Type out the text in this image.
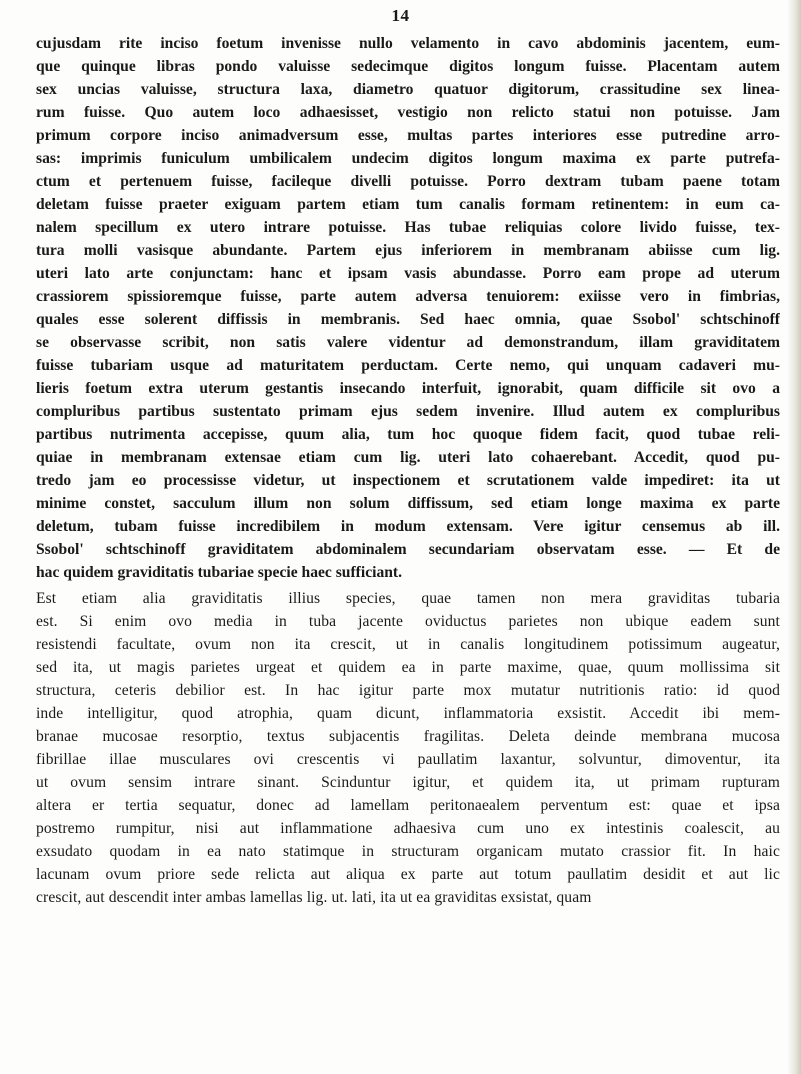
14
cujusdam rite inciso foetum invenisse nullo velamento in cavo abdominis jacentem, eum-
que quinque libras pondo valuisse sedecimque digitos longum fuisse. Placentam autem
sex uncias valuisse, structura laxa, diametro quatuor digitorum, crassitudine sex linea-
rum fuisse. Quo autem loco adhaesisset, vestigio non relicto statui non potuisse. Jam
primum corpore inciso animadversum esse, multas partes interiores esse putredine arro-
sas: imprimis funiculum umbilicalem undecim digitos longum maxima ex parte putrefa-
ctum et pertenuem fuisse, facileque divelli potuisse. Porro dextram tubam paene totam
deletam fuisse praeter exiguam partem etiam tum canalis formam retinentem: in eum ca-
nalem specillum ex utero intrare potuisse. Has tubae reliquias colore livido fuisse, tex-
tura molli vasisque abundante. Partem ejus inferiorem in membranam abiisse cum lig.
uteri lato arte conjunctam: hanc et ipsam vasis abundasse. Porro eam prope ad uterum
crassiorem spissioremque fuisse, parte autem adversa tenuiorem: exiisse vero in fimbrias,
quales esse solerent diffissis in membranis. Sed haec omnia, quae Ssobol' schtschinoff
se observasse scribit, non satis valere videntur ad demonstrandum, illam graviditatem
fuisse tubariam usque ad maturitatem perductam. Certe nemo, qui unquam cadaveri mu-
lieris foetum extra uterum gestantis insecando interfuit, ignorabit, quam difficile sit ovo a
compluribus partibus sustentato primam ejus sedem invenire. Illud autem ex compluribus
partibus nutrimenta accepisse, quum alia, tum hoc quoque fidem facit, quod tubae reli-
quiae in membranam extensae etiam cum lig. uteri lato cohaerebant. Accedit, quod pu-
tredo jam eo processisse videtur, ut inspectionem et scrutationem valde impediret: ita ut
minime constet, sacculum illum non solum diffissum, sed etiam longe maxima ex parte
deletum, tubam fuisse incredibilem in modum extensam. Vere igitur censemus ab ill.
Ssobol' schtschinoff graviditatem abdominalem secundariam observatam esse. — Et de
hac quidem graviditatis tubariae specie haec sufficiant.
Est etiam alia graviditatis illius species, quae tamen non mera graviditas tubaria
est. Si enim ovo media in tuba jacente oviductus parietes non ubique eadem sunt
resistendi facultate, ovum non ita crescit, ut in canalis longitudinem potissimum augeatur,
sed ita, ut magis parietes urgeat et quidem ea in parte maxime, quae, quum mollissima sit
structura, ceteris debilior est. In hac igitur parte mox mutatur nutritionis ratio: id quod
inde intelligitur, quod atrophia, quam dicunt, inflammatoria exsistit. Accedit ibi mem-
branae mucosae resorptio, textus subjacentis fragilitas. Deleta deinde membrana mucosa
fibrillae illae musculares ovi crescentis vi paullatim laxantur, solvuntur, dimoventur, ita
ut ovum sensim intrare sinant. Scinduntur igitur, et quidem ita, ut primam rupturam
altera er tertia sequatur, donec ad lamellam peritonaealem perventum est: quae et ipsa
postremo rumpitur, nisi aut inflammatione adhaesiva cum uno ex intestinis coalescit, au
exsudato quodam in ea nato statimque in structuram organicam mutato crassior fit. In haic
lacunam ovum priore sede relicta aut aliqua ex parte aut totum paullatim desidit et aut lic
crescit, aut descendit inter ambas lamellas lig. ut. lati, ita ut ea graviditas exsistat, quam
